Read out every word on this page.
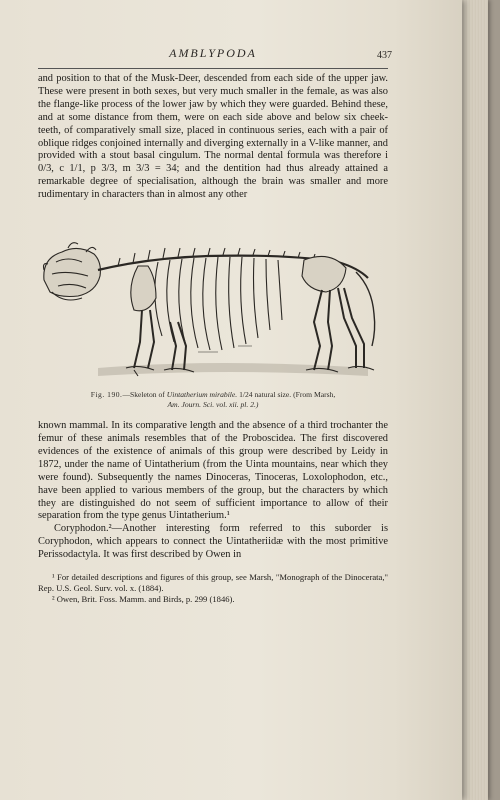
AMBLYPODA	437

and position to that of the Musk-Deer, descended from each side of the upper jaw. These were present in both sexes, but very much smaller in the female, as was also the flange-like process of the lower jaw by which they were guarded. Behind these, and at some distance from them, were on each side above and below six cheek-teeth, of comparatively small size, placed in continuous series, each with a pair of oblique ridges conjoined internally and diverging externally in a V-like manner, and provided with a stout basal cingulum. The normal dental formula was therefore i 0/3, c 1/1, p 3/3, m 3/3 = 34; and the dentition had thus already attained a remarkable degree of specialisation, although the brain was smaller and more rudimentary in characters than in almost any other

Fig. 190.—Skeleton of Uintatherium mirabile. 1/24 natural size. (From Marsh,
Am. Journ. Sci. vol. xii. pl. 2.)

known mammal. In its comparative length and the absence of a third trochanter the femur of these animals resembles that of the Proboscidea. The first discovered evidences of the existence of animals of this group were described by Leidy in 1872, under the name of Uintatherium (from the Uinta mountains, near which they were found). Subsequently the names Dinoceras, Tinoceras, Loxolophodon, etc., have been applied to various members of the group, but the characters by which they are distinguished do not seem of sufficient importance to allow of their separation from the type genus Uintatherium.¹

Coryphodon.²—Another interesting form referred to this suborder is Coryphodon, which appears to connect the Uintatheriidæ with the most primitive Perissodactyla. It was first described by Owen in

¹ For detailed descriptions and figures of this group, see Marsh, "Monograph of the Dinocerata," Rep. U.S. Geol. Surv. vol. x. (1884).
² Owen, Brit. Foss. Mamm. and Birds, p. 299 (1846).
